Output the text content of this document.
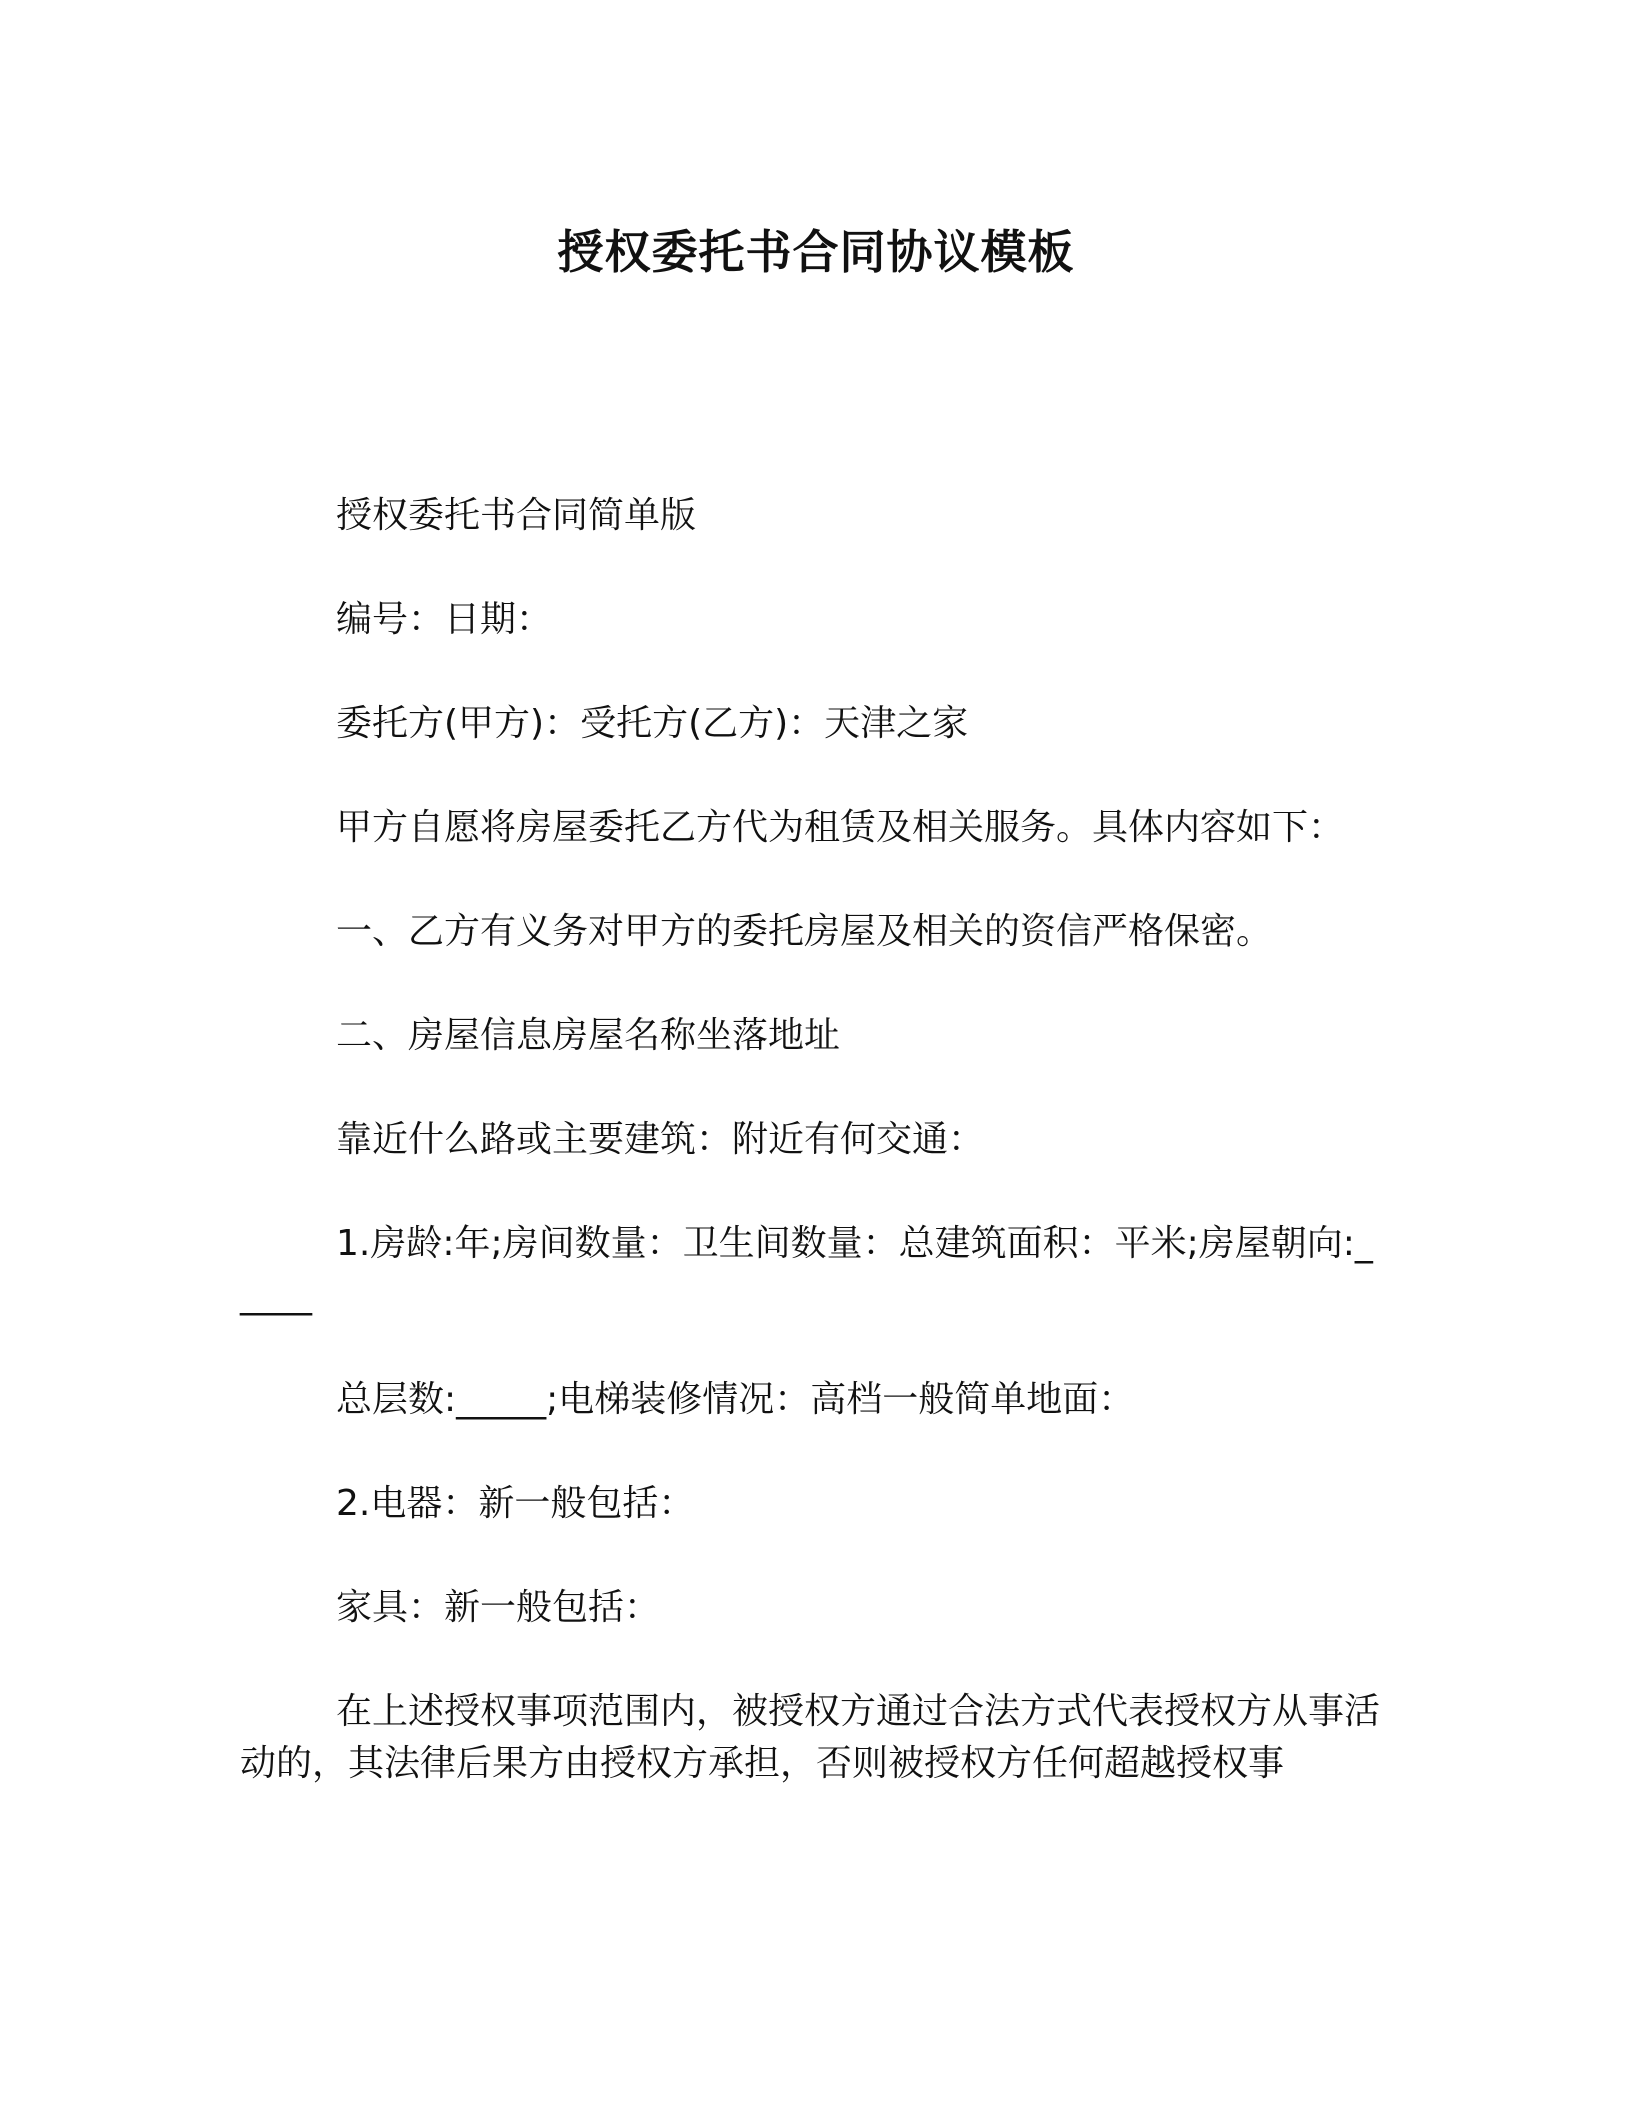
授权委托书合同协议模板

授权委托书合同简单版

编号：日期：

委托方(甲方)：受托方(乙方)：天津之家

甲方自愿将房屋委托乙方代为租赁及相关服务。具体内容如下：

一、乙方有义务对甲方的委托房屋及相关的资信严格保密。

二、房屋信息房屋名称坐落地址

靠近什么路或主要建筑：附近有何交通：

1.房龄:年;房间数量：卫生间数量：总建筑面积：平米;房屋朝向:_____

总层数:_____;电梯装修情况：高档一般简单地面：

2.电器：新一般包括：

家具：新一般包括：

在上述授权事项范围内，被授权方通过合法方式代表授权方从事活动的，其法律后果方由授权方承担，否则被授权方任何超越授权事
